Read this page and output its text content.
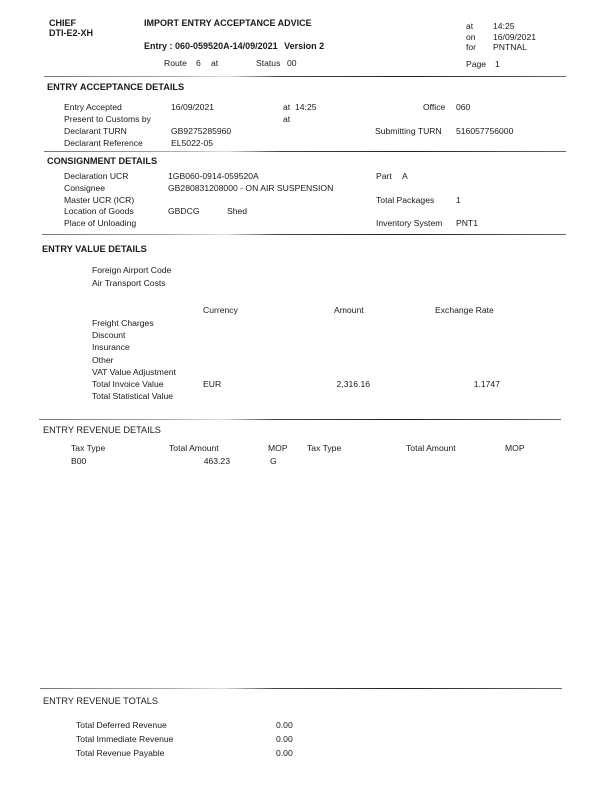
CHIEF
DTI-E2-XH
IMPORT ENTRY ACCEPTANCE ADVICE
Entry : 060-059520A-14/09/2021 Version 2
Route 6 at	Status 00
at 14:25
on 16/09/2021
for PNTNAL
Page 1
ENTRY ACCEPTANCE DETAILS
Entry Accepted	16/09/2021	at 14:25	Office 060
Present to Customs by	at
Declarant TURN	GB9275285960	Submitting TURN 516057756000
Declarant Reference	EL5022-05
CONSIGNMENT DETAILS
Declaration UCR	1GB060-0914-059520A	Part A
Consignee	GB280831208000 - ON AIR SUSPENSION
Master UCR (ICR)	Total Packages	1
Location of Goods	GBDCG	Shed
Place of Unloading	Inventory System PNT1
ENTRY VALUE DETAILS
Foreign Airport Code
Air Transport Costs
Currency	Amount	Exchange Rate
Freight Charges
Discount
Insurance
Other
VAT Value Adjustment
Total Invoice Value	EUR	2,316.16	1.1747
Total Statistical Value
ENTRY REVENUE DETAILS
Tax Type	Total Amount	MOP Tax Type	Total Amount	MOP
B00	463.23	G
ENTRY REVENUE TOTALS
Total Deferred Revenue	0.00
Total Immediate Revenue	0.00
Total Revenue Payable	0.00
